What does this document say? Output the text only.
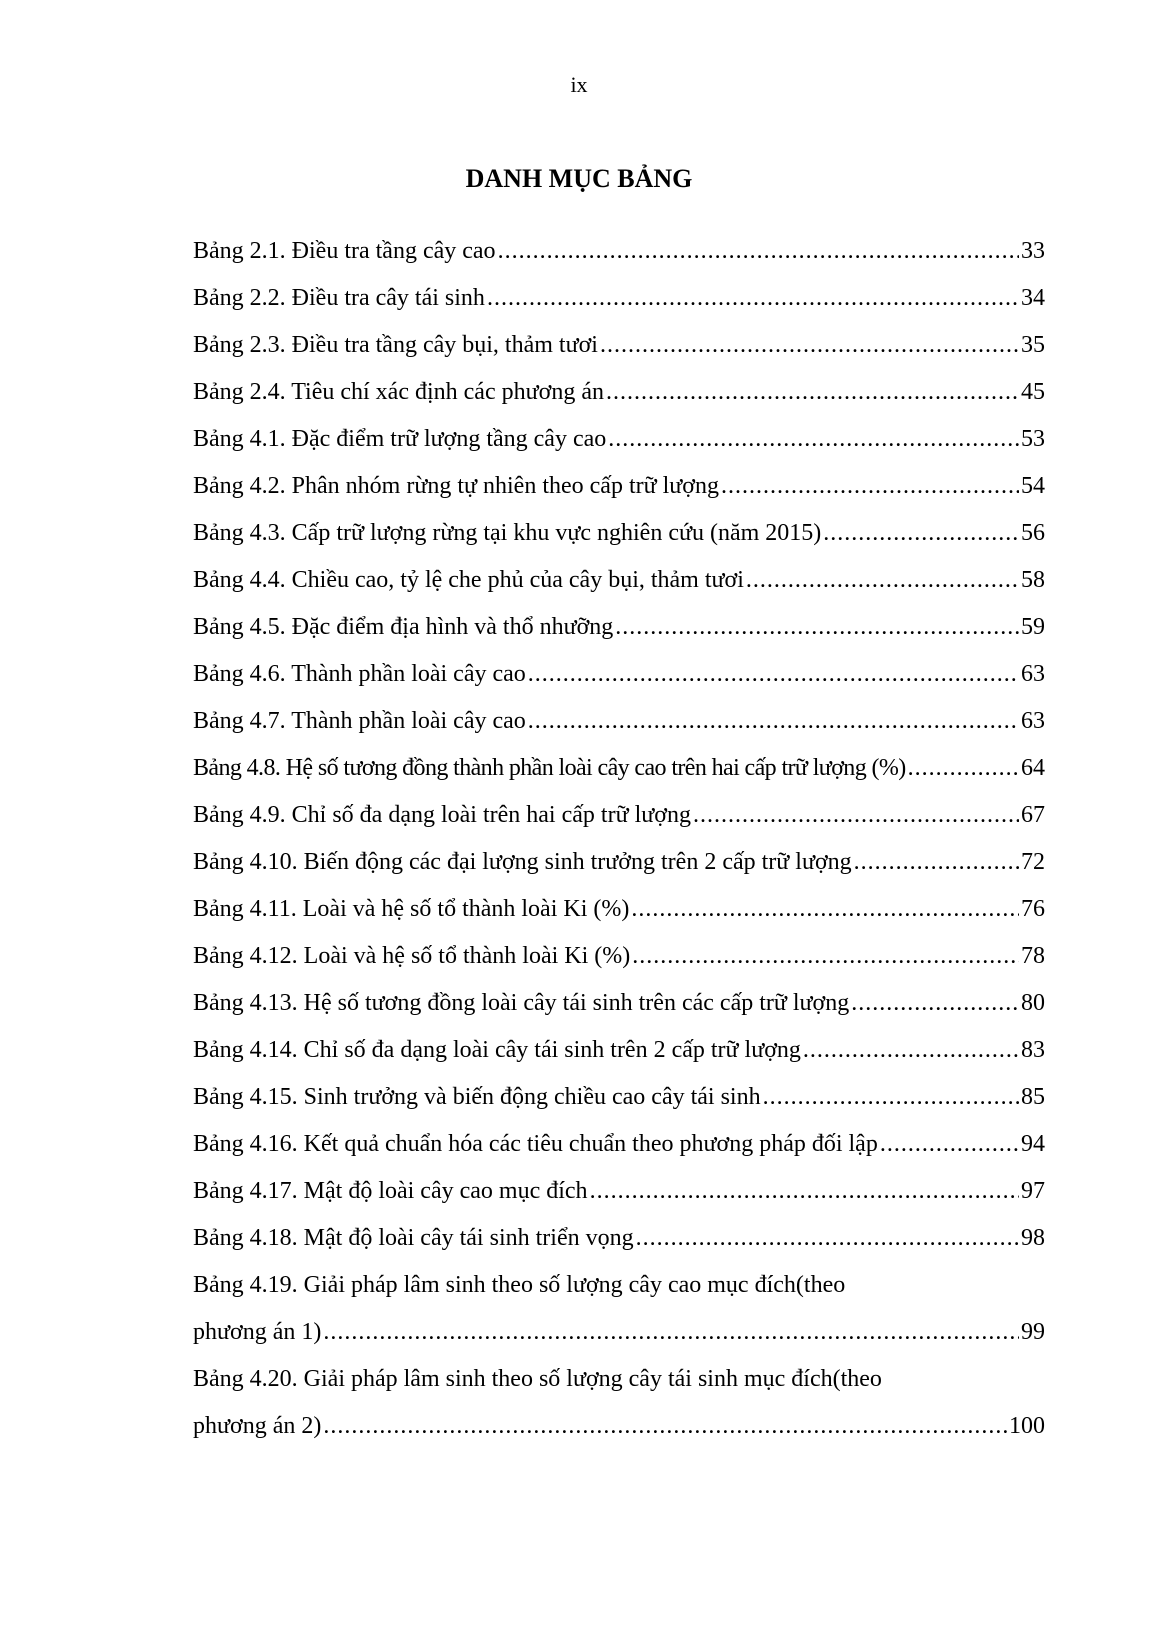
ix
DANH MỤC BẢNG
Bảng 2.1. Điều tra tầng cây cao .....	33
Bảng 2.2. Điều tra cây tái sinh .....	34
Bảng 2.3. Điều tra tầng cây bụi, thảm tươi .....	35
Bảng 2.4. Tiêu chí xác định các phương án .....	45
Bảng 4.1. Đặc điểm trữ lượng tầng cây cao .....	53
Bảng 4.2. Phân nhóm rừng tự nhiên theo cấp trữ lượng .....	54
Bảng 4.3. Cấp trữ lượng rừng tại khu vực nghiên cứu (năm 2015) .....	56
Bảng 4.4. Chiều cao, tỷ lệ che phủ của cây bụi, thảm tươi .....	58
Bảng 4.5. Đặc điểm địa hình và thổ nhưỡng .....	59
Bảng 4.6. Thành phần loài cây cao .....	63
Bảng 4.7. Thành phần loài cây cao .....	63
Bảng 4.8. Hệ số tương đồng thành phần loài cây cao trên hai cấp trữ lượng (%) .....	64
Bảng 4.9. Chỉ số đa dạng loài trên hai cấp trữ lượng .....	67
Bảng 4.10. Biến động các đại lượng sinh trưởng trên 2 cấp trữ lượng .....	72
Bảng 4.11. Loài và hệ số tổ thành loài Ki (%) .....	76
Bảng 4.12. Loài và hệ số tổ thành loài Ki (%) .....	78
Bảng 4.13. Hệ số tương đồng loài cây tái sinh trên các cấp trữ lượng .....	80
Bảng 4.14. Chỉ số đa dạng loài cây tái sinh trên 2 cấp trữ lượng .....	83
Bảng 4.15. Sinh trưởng và biến động chiều cao cây tái sinh .....	85
Bảng 4.16. Kết quả chuẩn hóa các tiêu chuẩn theo phương pháp đối lập .....	94
Bảng 4.17. Mật độ loài cây cao mục đích .....	97
Bảng 4.18. Mật độ loài cây tái sinh triển vọng .....	98
Bảng 4.19. Giải pháp lâm sinh theo số lượng cây cao mục đích(theo
phương án 1) .....	99
Bảng 4.20. Giải pháp lâm sinh theo số lượng cây tái sinh mục đích(theo
phương án 2) .....	100
